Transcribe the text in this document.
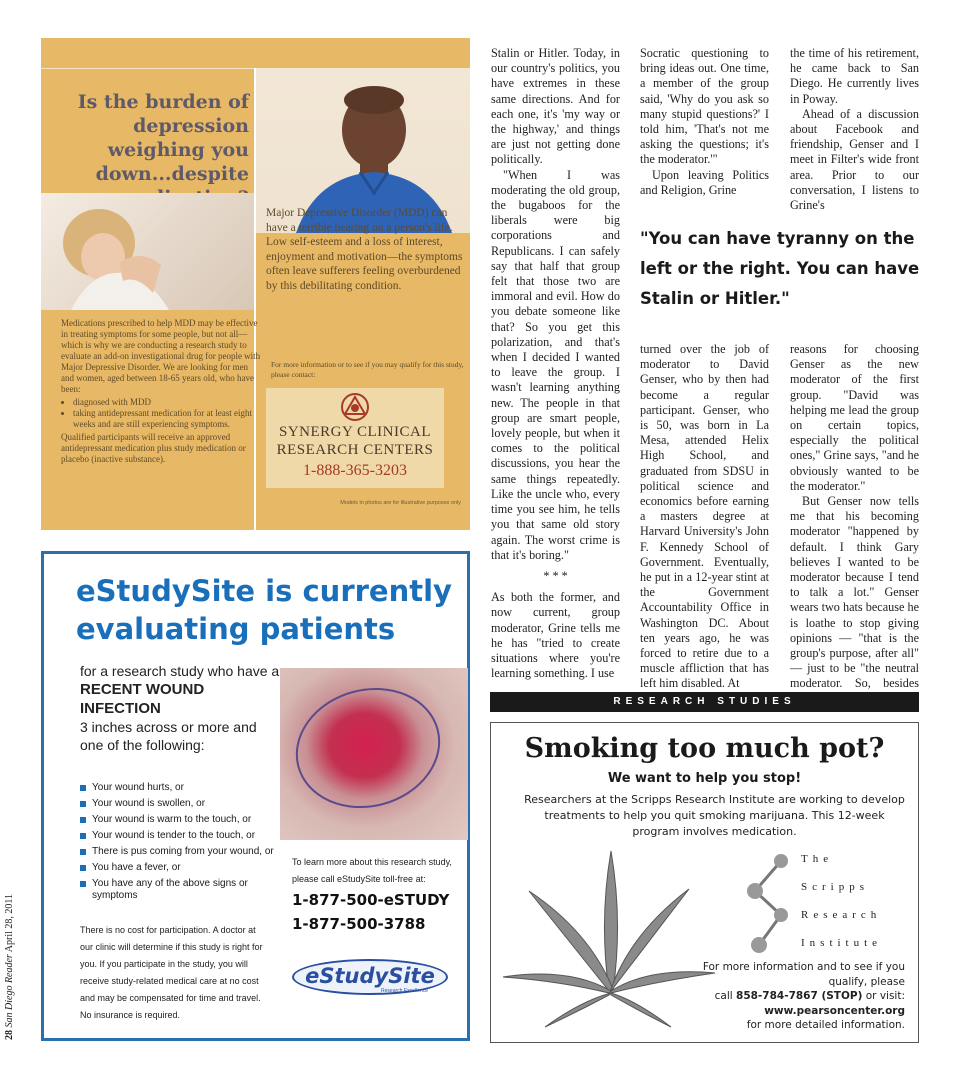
Is the burden of depression weighing you down...despite
Major Depressive Disorder (MDD) can have a terrible bearing on a person's life. Low self-esteem and a loss of interest, enjoyment and motivation—the symptoms often leave sufferers feeling overburdened by this debilitating condition.
Medications prescribed to help MDD may be effective in treating symptoms for some people, but not all—which is why we are conducting a research study to evaluate an add-on investigational drug for people with Major Depressive Disorder. We are looking for men and women, aged between 18-65 years old, who have been:
• diagnosed with MDD
• taking antidepressant medication for at least eight weeks and are still experiencing symptoms.
Qualified participants will receive an approved antidepressant medication plus study medication or placebo (inactive substance).
For more information or to see if you may qualify for this study, please contact:
SYNERGY CLINICAL
RESEARCH CENTERS
1-888-365-3203
Models in photos are for illustrative purposes only
eStudySite is currently evaluating patients
for a research study who have a
RECENT WOUND INFECTION
3 inches across or more and one of the following:
Your wound hurts, or
Your wound is swollen, or
Your wound is warm to the touch, or
Your wound is tender to the touch, or
There is pus coming from your wound, or
You have a fever, or
You have any of the above signs or symptoms
There is no cost for participation. A doctor at our clinic will determine if this study is right for you. If you participate in the study, you will receive study-related medical care at no cost and may be compensated for time and travel. No insurance is required.
To learn more about this research study, please call eStudySite toll-free at:
1-877-500-eSTUDY
1-877-500-3788
eStudySite
Research Excellence
28 San Diego Reader April 28, 2011

Stalin or Hitler. Today, in our country's politics, you have extremes in these same directions. And for each one, it's 'my way or the highway,' and things are just not getting done politically.

"When I was moderating the old group, the bugaboos for the liberals were big corporations and Republicans. I can safely say that half that group felt that those two are immoral and evil. How do you debate someone like that? So you get this polarization, and that's when I decided I wanted to leave the group. I wasn't learning anything new. The people in that group are smart people, lovely people, but when it comes to the political discussions, you hear the same things repeatedly. Like the uncle who, every time you see him, he tells you that same old story again. The worst crime is that it's boring."

* * *

As both the former, and now current, group moderator, Grine tells me he has "tried to create situations where you're learning something. I use

Socratic questioning to bring ideas out. One time, a member of the group said, 'Why do you ask so many stupid questions?' I told him, 'That's not me asking the questions; it's the moderator.'"

Upon leaving Politics and Religion, Grine

the time of his retirement, he came back to San Diego. He currently lives in Poway.

Ahead of a discussion about Facebook and friendship, Genser and I meet in Filter's wide front area. Prior to our conversation, I listens to Grine's

"You can have tyranny on the left or the right. You can have Stalin or Hitler."

turned over the job of moderator to David Genser, who by then had become a regular participant. Genser, who is 50, was born in La Mesa, attended Helix High School, and graduated from SDSU in political science and economics before earning a masters degree at Harvard University's John F. Kennedy School of Government. Eventually, he put in a 12-year stint at the Government Accountability Office in Washington DC. About ten years ago, he was forced to retire due to a muscle affliction that has left him disabled. At

reasons for choosing Genser as the new moderator of the first group. "David was helping me lead the group on certain topics, especially the political ones," Grine says, "and he obviously wanted to be the moderator."

But Genser now tells me that his becoming moderator "happened by default. I think Gary believes I wanted to be moderator because I tend to talk a lot." Genser wears two hats because he is loathe to stop giving opinions — "that is the group's purpose, after all" — just to be "the neutral moderator. So, besides

RESEARCH STUDIES
Smoking too much pot?
We want to help you stop!
Researchers at the Scripps Research Institute are working to develop treatments to help you quit smoking marijuana. This 12-week program involves medication.
The
Scripps
Research
Institute
For more information and to see if you qualify, please
call 858-784-7867 (STOP) or visit:
www.pearsoncenter.org
for more detailed information.
